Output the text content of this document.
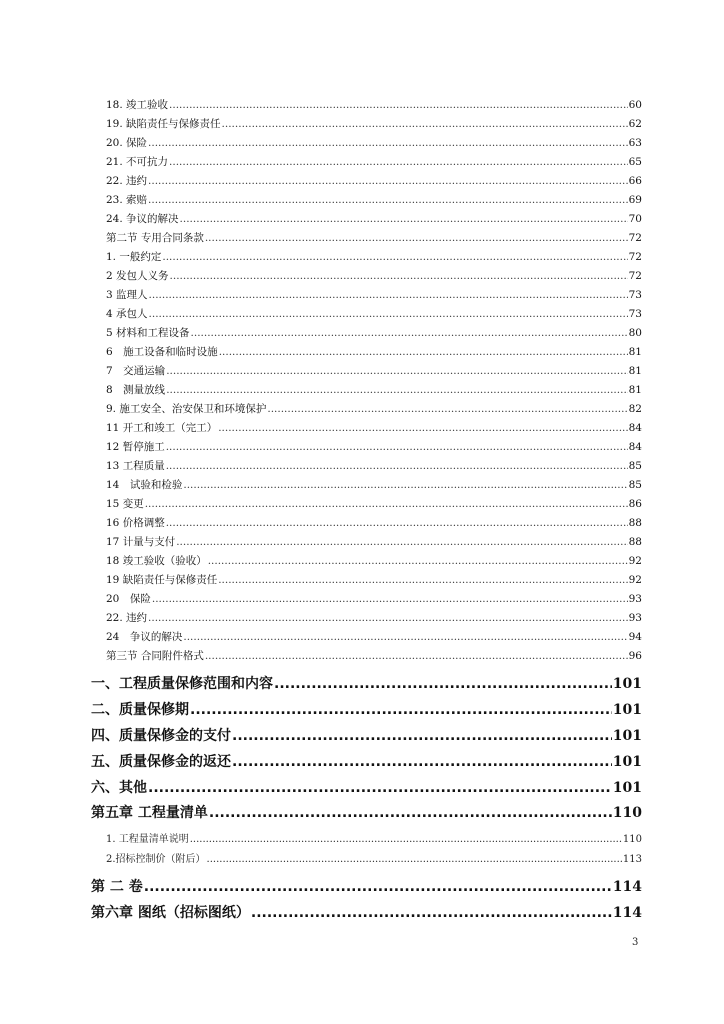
18. 竣工验收 .....	60
19. 缺陷责任与保修责任 .....	62
20. 保险 .....	63
21. 不可抗力 .....	65
22. 违约 .....	66
23. 索赔 .....	69
24. 争议的解决 .....	70
第二节 专用合同条款 .....	72
1. 一般约定 .....	72
2 发包人义务 .....	72
3 监理人 .....	73
4 承包人 .....	73
5 材料和工程设备 .....	80
6　施工设备和临时设施 .....	81
7　交通运输 .....	81
8　测量放线 .....	81
9. 施工安全、治安保卫和环境保护 .....	82
11 开工和竣工（完工） .....	84
12 暂停施工 .....	84
13 工程质量 .....	85
14　试验和检验 .....	85
15 变更 .....	86
16 价格调整 .....	88
17 计量与支付 .....	88
18 竣工验收（验收） .....	92
19 缺陷责任与保修责任 .....	92
20　保险 .....	93
22. 违约 .....	93
24　争议的解决 .....	94
第三节 合同附件格式 .....	96
一、工程质量保修范围和内容 .....	101
二、质量保修期 .....	101
四、质量保修金的支付 .....	101
五、质量保修金的返还 .....	101
六、其他 .....	101
第五章 工程量清单 .....	110
1. 工程量清单说明 .....	110
2.招标控制价（附后） .....	113
第 二 卷 .....	114
第六章 图纸（招标图纸） .....	114
3
